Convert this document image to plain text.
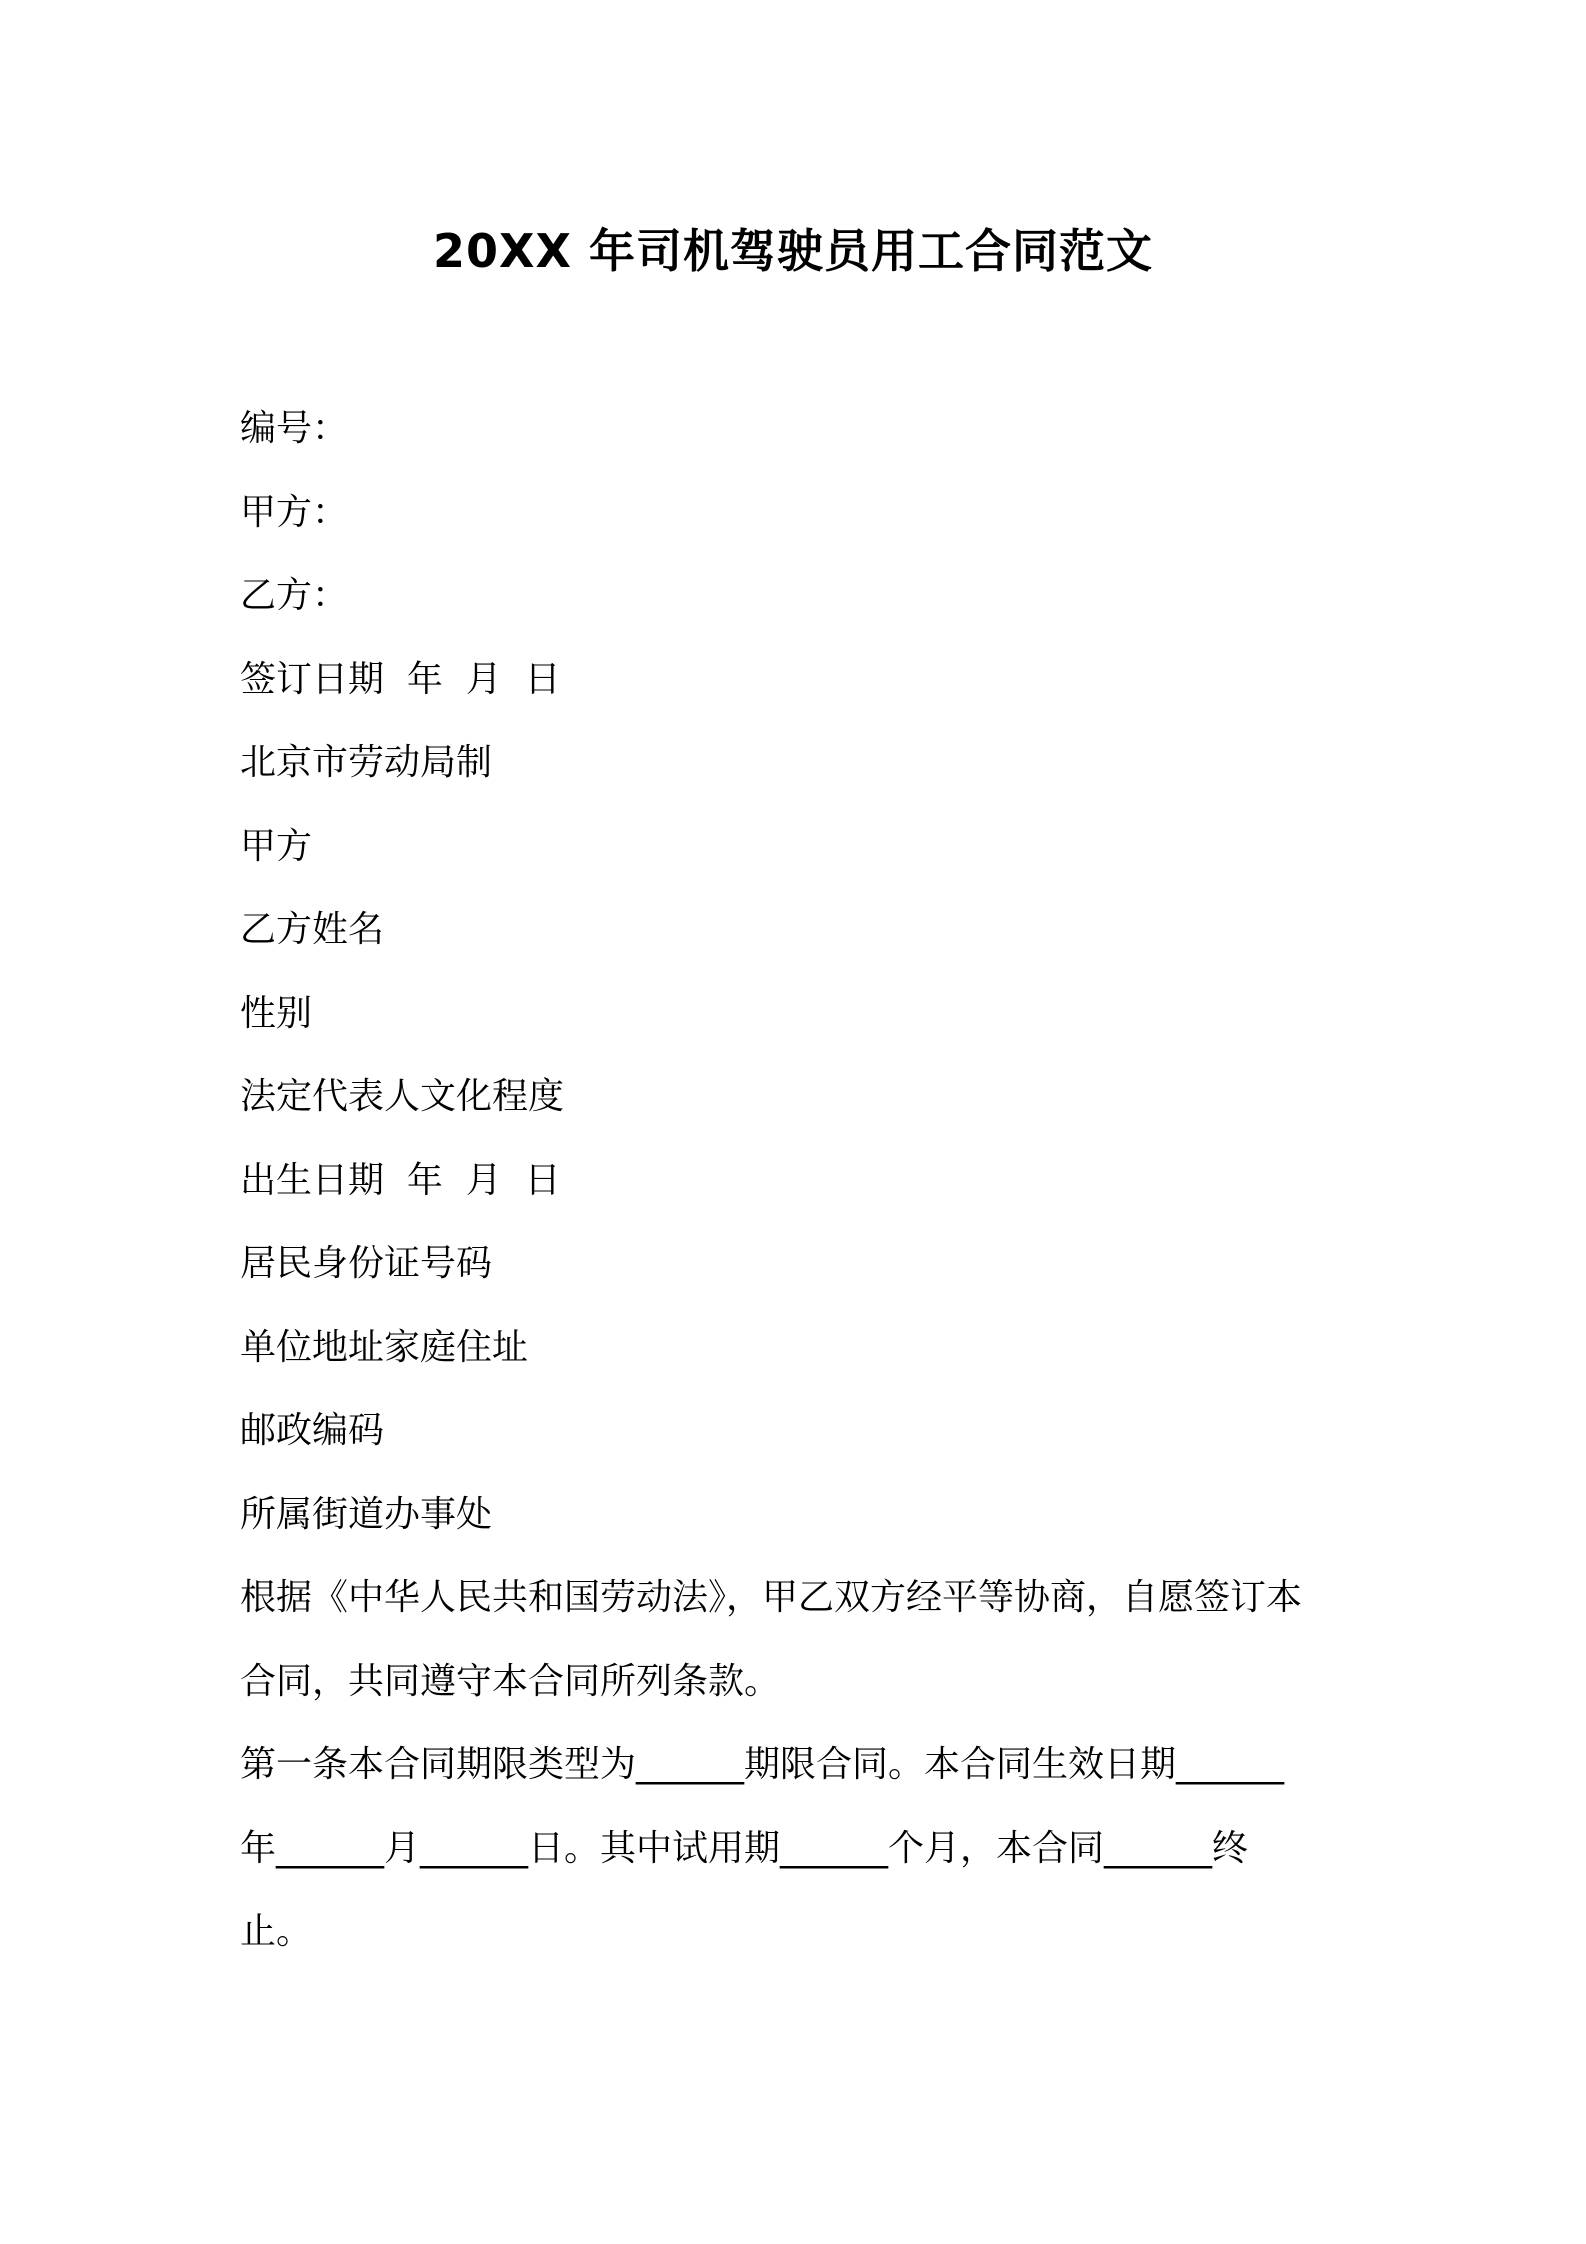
20XX 年司机驾驶员用工合同范文
编号：
甲方：
乙方：
签订日期  年  月  日
北京市劳动局制
甲方
乙方姓名
性别
法定代表人文化程度
出生日期  年  月  日
居民身份证号码
单位地址家庭住址
邮政编码
所属街道办事处
根据《中华人民共和国劳动法》，甲乙双方经平等协商，自愿签订本
合同，共同遵守本合同所列条款。
第一条本合同期限类型为______期限合同。本合同生效日期______
年______月______日。其中试用期______个月，本合同______终
止。
